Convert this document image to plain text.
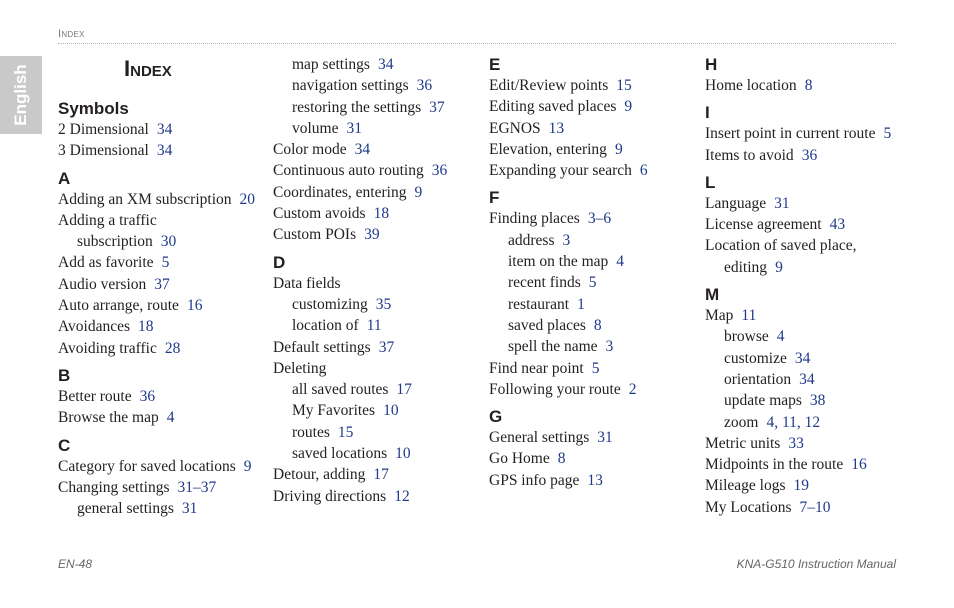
Index
English	Index
Symbols
2 Dimensional 34
3 Dimensional 34
A
Adding an XM subscription 20
Adding a traffic
subscription 30
Add as favorite 5
Audio version 37
Auto arrange, route 16
Avoidances 18
Avoiding traffic 28
B
Better route 36
Browse the map 4
C
Category for saved locations 9
Changing settings 31–37
general settings 31
map settings 34
navigation settings 36
restoring the settings 37
volume 31
Color mode 34
Continuous auto routing 36
Coordinates, entering 9
Custom avoids 18
Custom POIs 39
D
Data fields
customizing 35
location of 11
Default settings 37
Deleting
all saved routes 17
My Favorites 10
routes 15
saved locations 10
Detour, adding 17
Driving directions 12
E
Edit/Review points 15
Editing saved places 9
EGNOS 13
Elevation, entering 9
Expanding your search 6
F
Finding places 3–6
address 3
item on the map 4
recent finds 5
restaurant 1
saved places 8
spell the name 3
Find near point 5
Following your route 2
G
General settings 31
Go Home 8
GPS info page 13
H
Home location 8
I
Insert point in current route 5
Items to avoid 36
L
Language 31
License agreement 43
Location of saved place,
editing 9
M
Map 11
browse 4
customize 34
orientation 34
update maps 38
zoom 4, 11, 12
Metric units 33
Midpoints in the route 16
Mileage logs 19
My Locations 7–10
EN-48	KNA-G510 Instruction Manual
